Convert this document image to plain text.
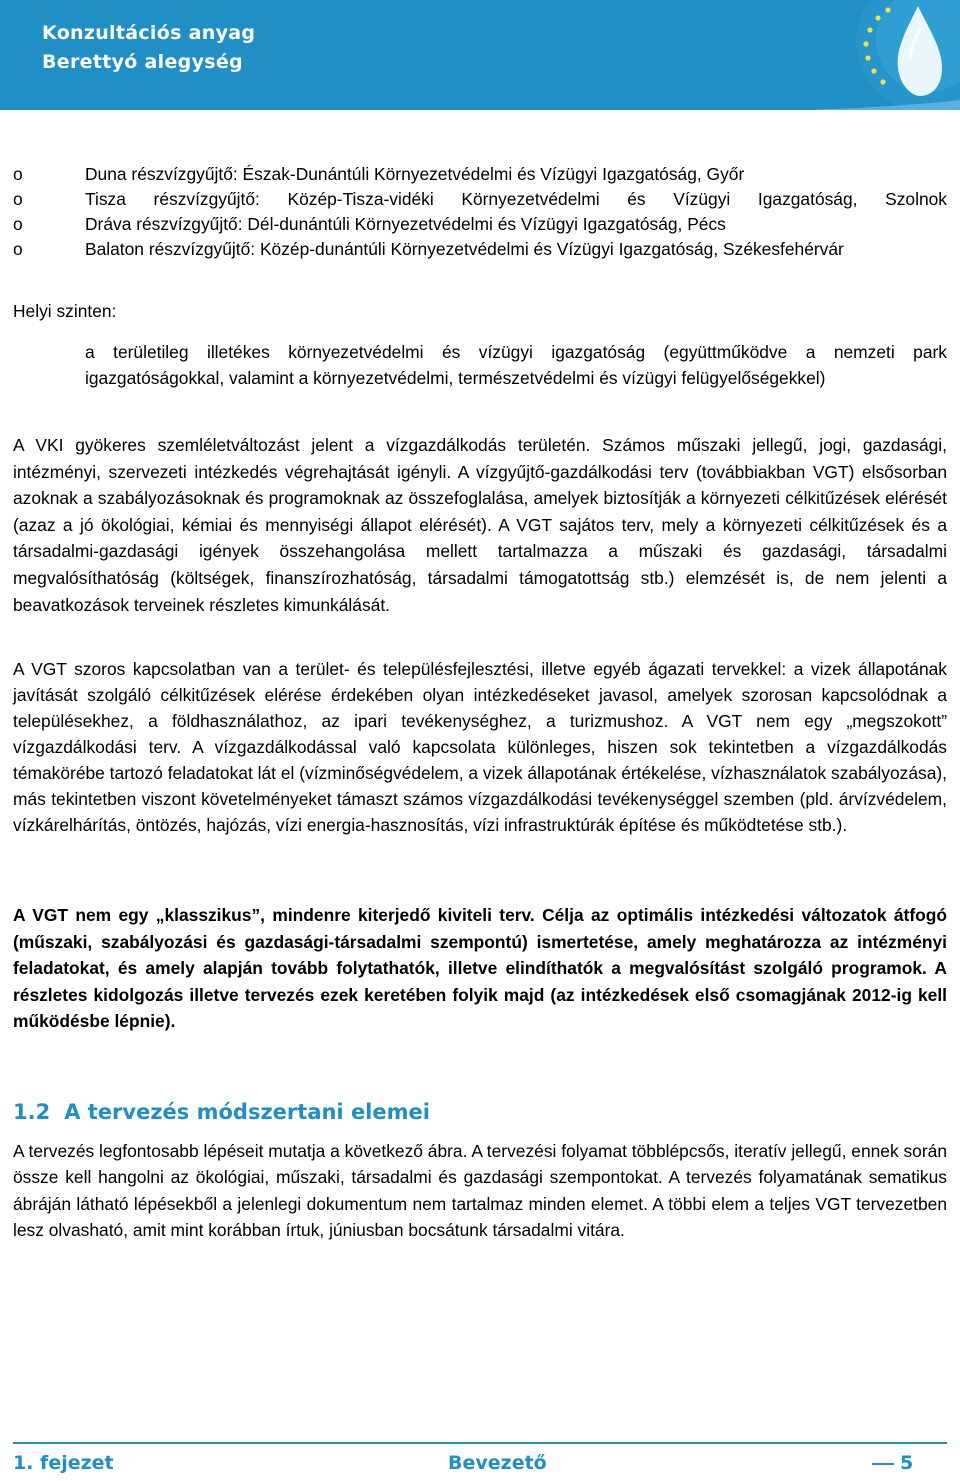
Konzultációs anyag
Berettyó alegység
o	Duna részvízgyűjtő: Észak-Dunántúli Környezetvédelmi és Vízügyi Igazgatóság, Győr
o	Tisza részvízgyűjtő: Közép-Tisza-vidéki Környezetvédelmi és Vízügyi Igazgatóság, Szolnok
o	Dráva részvízgyűjtő: Dél-dunántúli Környezetvédelmi és Vízügyi Igazgatóság, Pécs
o	Balaton részvízgyűjtő: Közép-dunántúli Környezetvédelmi és Vízügyi Igazgatóság, Székesfehérvár
Helyi szinten:
a területileg illetékes környezetvédelmi és vízügyi igazgatóság (együttműködve a nemzeti park igazgatóságokkal, valamint a környezetvédelmi, természetvédelmi és vízügyi felügyelőségekkel)
A VKI gyökeres szemléletváltozást jelent a vízgazdálkodás területén. Számos műszaki jellegű, jogi, gazdasági, intézményi, szervezeti intézkedés végrehajtását igényli. A vízgyűjtő-gazdálkodási terv (továbbiakban VGT) elsősorban azoknak a szabályozásoknak és programoknak az összefoglalása, amelyek biztosítják a környezeti célkitűzések elérését (azaz a jó ökológiai, kémiai és mennyiségi állapot elérését). A VGT sajátos terv, mely a környezeti célkitűzések és a társadalmi-gazdasági igények összehangolása mellett tartalmazza a műszaki és gazdasági, társadalmi megvalósíthatóság (költségek, finanszírozhatóság, társadalmi támogatottság stb.) elemzését is, de nem jelenti a beavatkozások terveinek részletes kimunkálását.
A VGT szoros kapcsolatban van a terület- és településfejlesztési, illetve egyéb ágazati tervekkel: a vizek állapotának javítását szolgáló célkitűzések elérése érdekében olyan intézkedéseket javasol, amelyek szorosan kapcsolódnak a településekhez, a földhasználathoz, az ipari tevékenységhez, a turizmushoz. A VGT nem egy „megszokott” vízgazdálkodási terv. A vízgazdálkodással való kapcsolata különleges, hiszen sok tekintetben a vízgazdálkodás témakörébe tartozó feladatokat lát el (vízminőségvédelem, a vizek állapotának értékelése, vízhasználatok szabályozása), más tekintetben viszont követelményeket támaszt számos vízgazdálkodási tevékenységgel szemben (pld. árvízvédelem, vízkárelhárítás, öntözés, hajózás, vízi energia-hasznosítás, vízi infrastruktúrák építése és működtetése stb.).
A VGT nem egy „klasszikus”, mindenre kiterjedő kiviteli terv. Célja az optimális intézkedési változatok átfogó (műszaki, szabályozási és gazdasági-társadalmi szempontú) ismertetése, amely meghatározza az intézményi feladatokat, és amely alapján tovább folytathatók, illetve elindíthatók a megvalósítást szolgáló programok. A részletes kidolgozás illetve tervezés ezek keretében folyik majd (az intézkedések első csomagjának 2012-ig kell működésbe lépnie).
1.2 A tervezés módszertani elemei
A tervezés legfontosabb lépéseit mutatja a következő ábra. A tervezési folyamat többlépcsős, iteratív jellegű, ennek során össze kell hangolni az ökológiai, műszaki, társadalmi és gazdasági szempontokat. A tervezés folyamatának sematikus ábráján látható lépésekből a jelenlegi dokumentum nem tartalmaz minden elemet. A többi elem a teljes VGT tervezetben lesz olvasható, amit mint korábban írtuk, júniusban bocsátunk társadalmi vitára.
1. fejezet	Bevezető	5
